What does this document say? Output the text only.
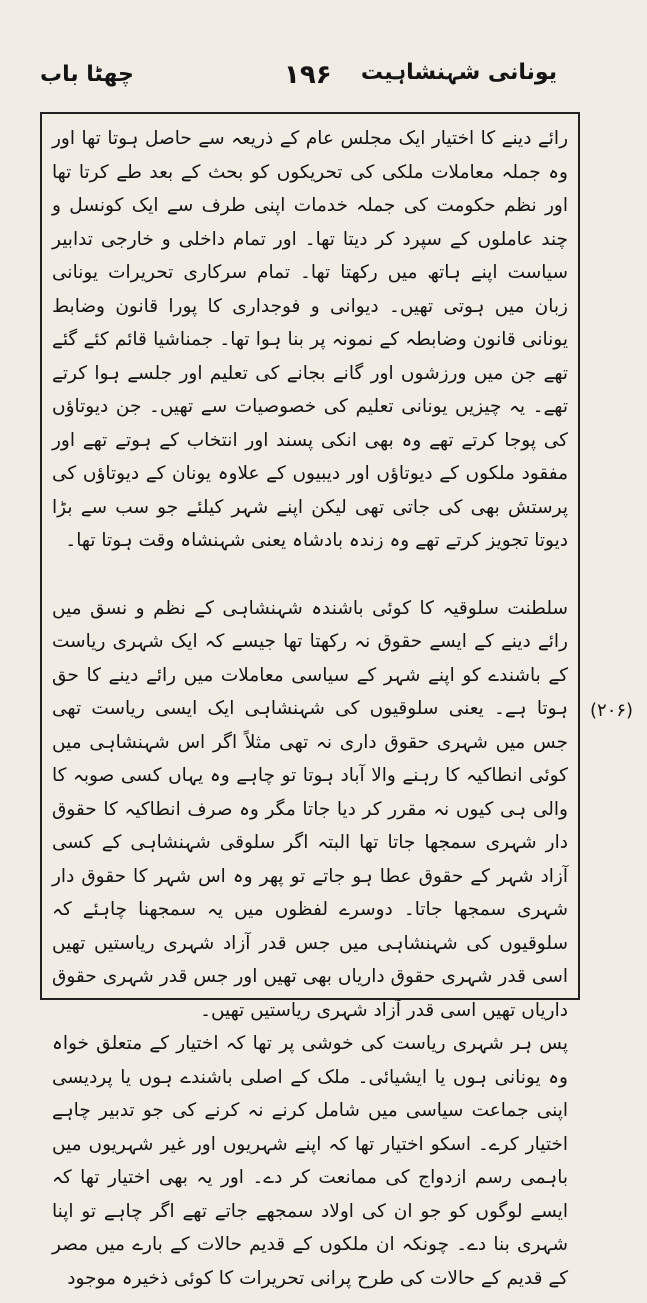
چھٹا باب	۱۹۶ یونانی شہنشاہیت

رائے دینے کا اختیار ایک مجلس عام کے ذریعہ سے حاصل ہوتا تھا اور وہ جملہ معاملات ملکی کی تحریکوں کو بحث کے بعد طے کرتا تھا اور نظم حکومت کی جملہ خدمات اپنی طرف سے ایک کونسل و چند عاملوں کے سپرد کر دیتا تھا۔ اور تمام داخلی و خارجی تدابیر سیاست اپنے ہاتھ میں رکھتا تھا۔ تمام سرکاری تحریرات یونانی زبان میں ہوتی تھیں۔ دیوانی و فوجداری کا پورا قانون وضابط یونانی قانون وضابطہ کے نمونہ پر بنا ہوا تھا۔ جمناشیا قائم کئے گئے تھے جن میں ورزشوں اور گانے بجانے کی تعلیم اور جلسے ہوا کرتے تھے۔ یہ چیزیں یونانی تعلیم کی خصوصیات سے تھیں۔ جن دیوتاؤں کی پوجا کرتے تھے وہ بھی انکی پسند اور انتخاب کے ہوتے تھے اور مفقود ملکوں کے دیوتاؤں اور دیبیوں کے علاوہ یونان کے دیوتاؤں کی پرستش بھی کی جاتی تھی لیکن اپنے شہر کیلئے جو سب سے بڑا دیوتا تجویز کرتے تھے وہ زندہ بادشاہ یعنی شہنشاہ وقت ہوتا تھا۔

سلطنت سلوقیہ کا کوئی باشندہ شہنشاہی کے نظم و نسق میں رائے دینے کے ایسے حقوق نہ رکھتا تھا جیسے کہ ایک شہری ریاست کے باشندے کو اپنے شہر کے سیاسی معاملات میں رائے دینے کا حق ہوتا ہے۔ یعنی سلوقیوں کی شہنشاہی ایک ایسی ریاست تھی جس میں شہری حقوق داری نہ تھی مثلاً اگر اس شہنشاہی میں کوئی انطاکیہ کا رہنے والا آباد ہوتا تو چاہے وہ یہاں کسی صوبہ کا والی ہی کیوں نہ مقرر کر دیا جاتا مگر وہ صرف انطاکیہ کا حقوق دار شہری سمجھا جاتا تھا البتہ اگر سلوقی شہنشاہی کے کسی آزاد شہر کے حقوق عطا ہو جاتے تو پھر وہ اس شہر کا حقوق دار شہری سمجھا جاتا۔ دوسرے لفظوں میں یہ سمجھنا چاہئے کہ سلوقیوں کی شہنشاہی میں جس قدر آزاد شہری ریاستیں تھیں اسی قدر شہری حقوق داریاں بھی تھیں اور جس قدر شہری حقوق داریاں تھیں اسی قدر آزاد شہری ریاستیں تھیں۔

پس ہر شہری ریاست کی خوشی پر تھا کہ اختیار کے متعلق خواہ وہ یونانی ہوں یا ایشیائی۔ ملک کے اصلی باشندے ہوں یا پردیسی اپنی جماعت سیاسی میں شامل کرنے نہ کرنے کی جو تدبیر چاہے اختیار کرے۔ اسکو اختیار تھا کہ اپنے شہریوں اور غیر شہریوں میں باہمی رسم ازدواج کی ممانعت کر دے۔ اور یہ بھی اختیار تھا کہ ایسے لوگوں کو جو ان کی اولاد سمجھے جاتے تھے اگر چاہے تو اپنا شہری بنا دے۔ چونکہ ان ملکوں کے قدیم حالات کے بارے میں مصر کے قدیم کے حالات کی طرح پرانی تحریرات کا کوئی ذخیرہ موجود

(۲۰۶)
